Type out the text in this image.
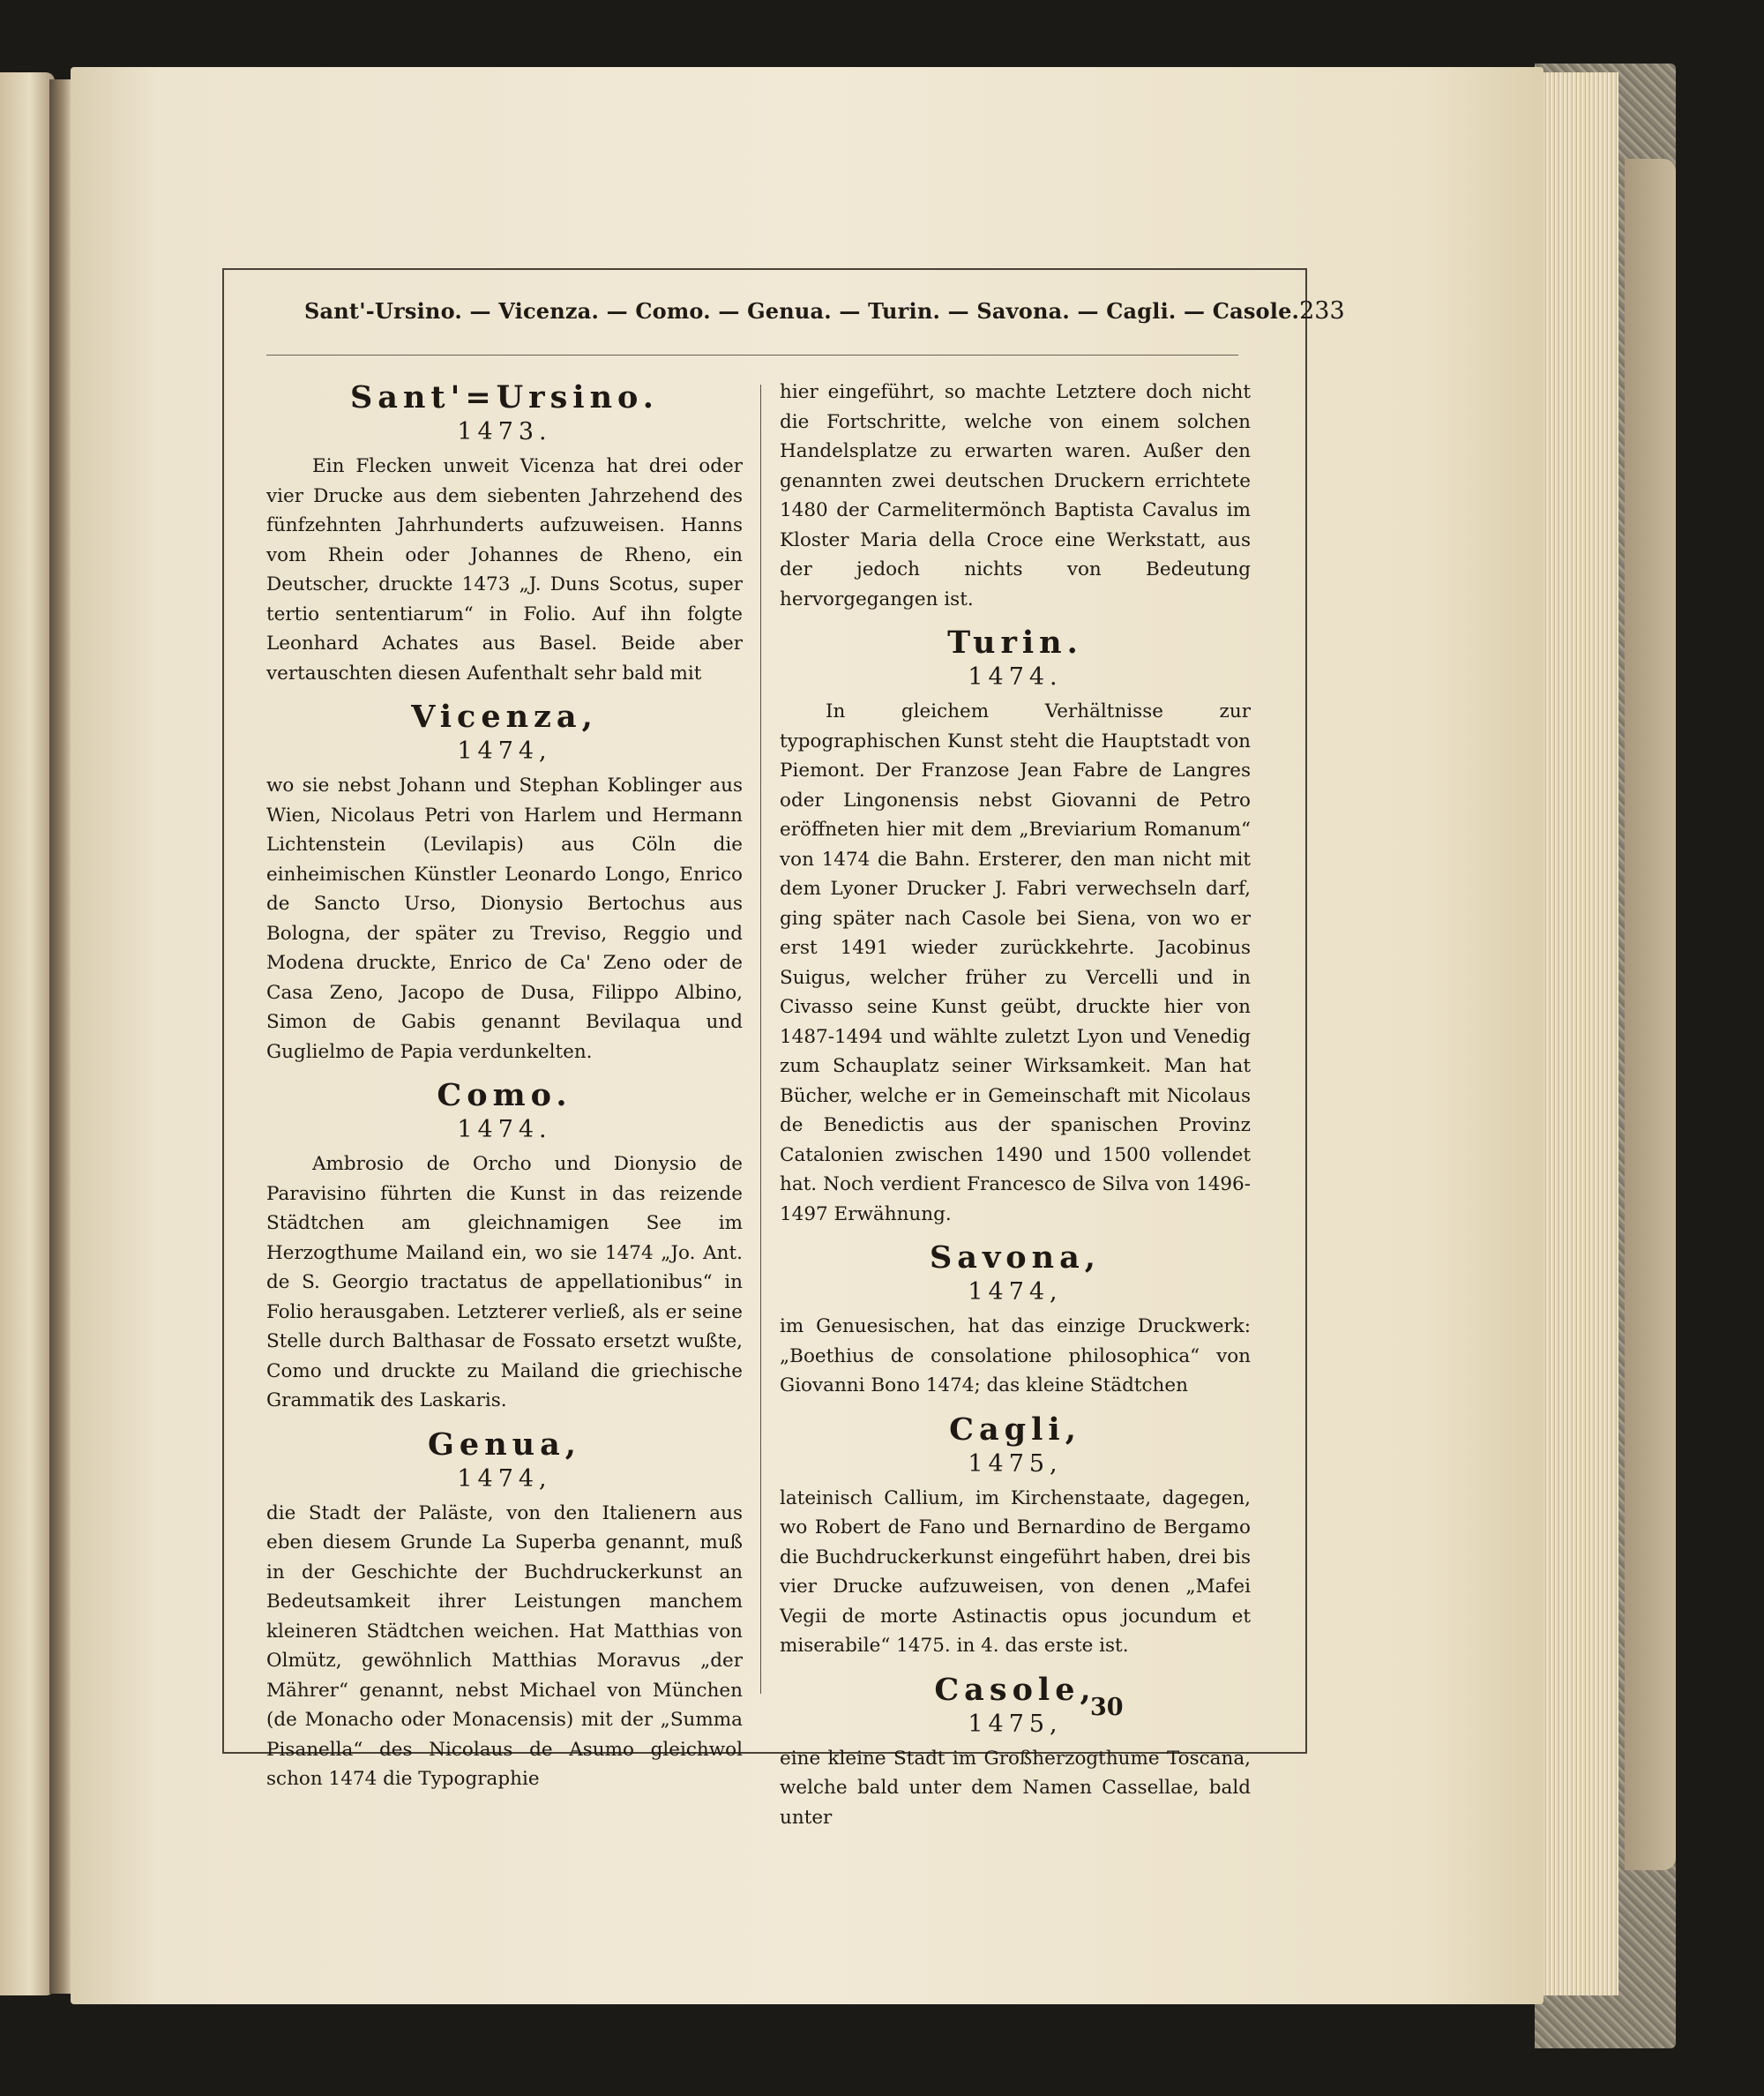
Sant'-Ursino. — Vicenza. — Como. — Genua. — Turin. — Savona. — Cagli. — Casole. 233
Sant'=Ursino.
1473.
Ein Flecken unweit Vicenza hat drei oder vier Drucke aus dem siebenten Jahrzehend des fünfzehnten Jahrhunderts aufzuweisen. Hanns vom Rhein oder Johannes de Rheno, ein Deutscher, druckte 1473 „J. Duns Scotus, super tertio sententiarum“ in Folio. Auf ihn folgte Leonhard Achates aus Basel. Beide aber vertauschten diesen Aufenthalt sehr bald mit
Vicenza,
1474,
wo sie nebst Johann und Stephan Koblinger aus Wien, Nicolaus Petri von Harlem und Hermann Lichtenstein (Levilapis) aus Cöln die einheimischen Künstler Leonardo Longo, Enrico de Sancto Urso, Dionysio Bertochus aus Bologna, der später zu Treviso, Reggio und Modena druckte, Enrico de Ca' Zeno oder de Casa Zeno, Jacopo de Dusa, Filippo Albino, Simon de Gabis genannt Bevilaqua und Guglielmo de Papia verdunkelten.
Como.
1474.
Ambrosio de Orcho und Dionysio de Paravisino führten die Kunst in das reizende Städtchen am gleichnamigen See im Herzogthume Mailand ein, wo sie 1474 „Jo. Ant. de S. Georgio tractatus de appellationibus“ in Folio herausgaben. Letzterer verließ, als er seine Stelle durch Balthasar de Fossato ersetzt wußte, Como und druckte zu Mailand die griechische Grammatik des Laskaris.
Genua,
1474,
die Stadt der Paläste, von den Italienern aus eben diesem Grunde La Superba genannt, muß in der Geschichte der Buchdruckerkunst an Bedeutsamkeit ihrer Leistungen manchem kleineren Städtchen weichen. Hat Matthias von Olmütz, gewöhnlich Matthias Moravus „der Mährer“ genannt, nebst Michael von München (de Monacho oder Monacensis) mit der „Summa Pisanella“ des Nicolaus de Asumo gleichwol schon 1474 die Typographie
hier eingeführt, so machte Letztere doch nicht die Fortschritte, welche von einem solchen Handelsplatze zu erwarten waren. Außer den genannten zwei deutschen Druckern errichtete 1480 der Carmelitermönch Baptista Cavalus im Kloster Maria della Croce eine Werkstatt, aus der jedoch nichts von Bedeutung hervorgegangen ist.
Turin.
1474.
In gleichem Verhältnisse zur typographischen Kunst steht die Hauptstadt von Piemont. Der Franzose Jean Fabre de Langres oder Lingonensis nebst Giovanni de Petro eröffneten hier mit dem „Breviarium Romanum“ von 1474 die Bahn. Ersterer, den man nicht mit dem Lyoner Drucker J. Fabri verwechseln darf, ging später nach Casole bei Siena, von wo er erst 1491 wieder zurückkehrte. Jacobinus Suigus, welcher früher zu Vercelli und in Civasso seine Kunst geübt, druckte hier von 1487-1494 und wählte zuletzt Lyon und Venedig zum Schauplatz seiner Wirksamkeit. Man hat Bücher, welche er in Gemeinschaft mit Nicolaus de Benedictis aus der spanischen Provinz Catalonien zwischen 1490 und 1500 vollendet hat. Noch verdient Francesco de Silva von 1496-1497 Erwähnung.
Savona,
1474,
im Genuesischen, hat das einzige Druckwerk: „Boethius de consolatione philosophica“ von Giovanni Bono 1474; das kleine Städtchen
Cagli,
1475,
lateinisch Callium, im Kirchenstaate, dagegen, wo Robert de Fano und Bernardino de Bergamo die Buchdruckerkunst eingeführt haben, drei bis vier Drucke aufzuweisen, von denen „Mafei Vegii de morte Astinactis opus jocundum et miserabile“ 1475. in 4. das erste ist.
Casole,
1475,
eine kleine Stadt im Großherzogthume Toscana, welche bald unter dem Namen Cassellae, bald unter
30
